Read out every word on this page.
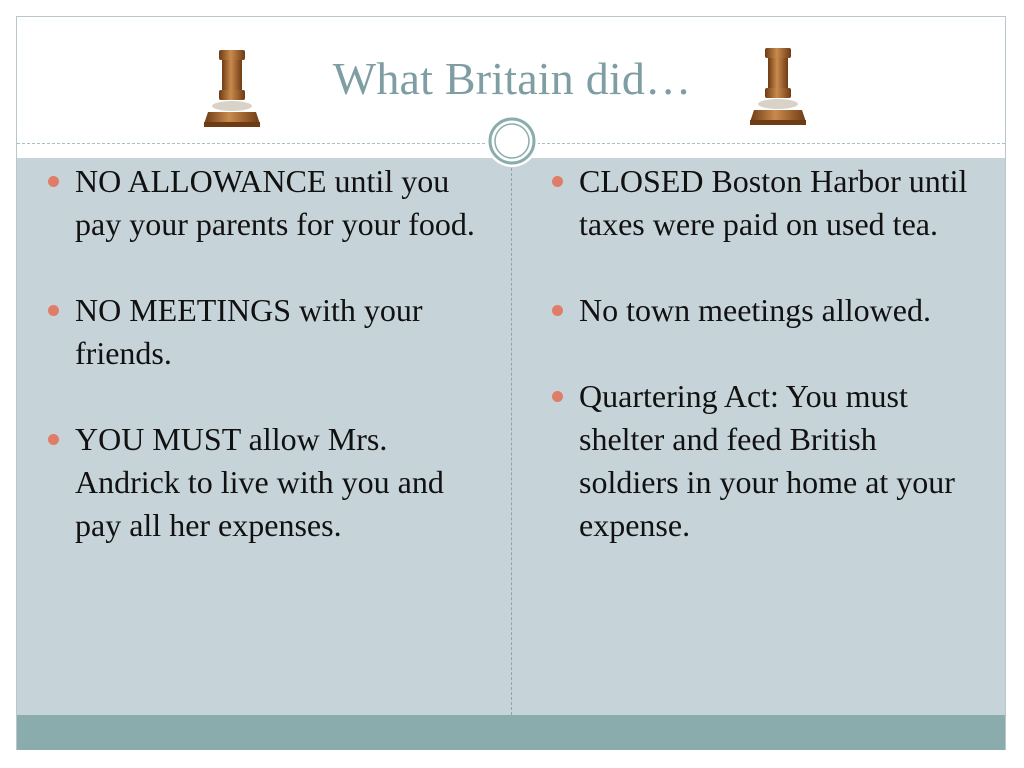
What Britain did…
NO ALLOWANCE until you pay your parents for your food.
NO MEETINGS with your friends.
YOU MUST allow Mrs. Andrick to live with you and pay all her expenses.
CLOSED Boston Harbor until taxes were paid on used tea.
No town meetings allowed.
Quartering Act: You must shelter and feed British soldiers in your home at your expense.
